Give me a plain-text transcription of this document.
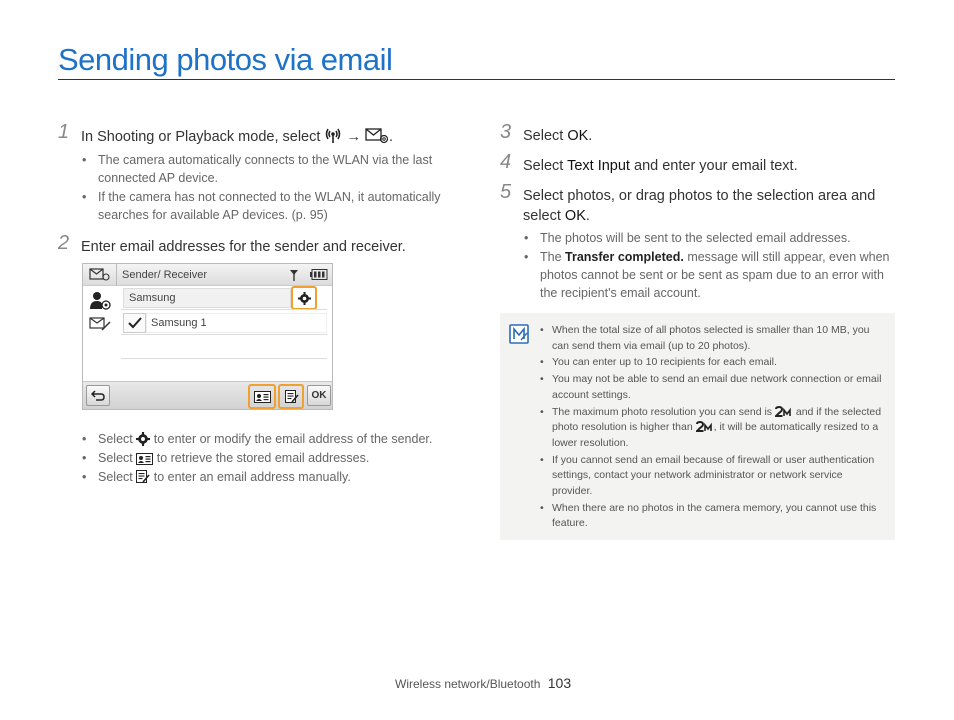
Sending photos via email
1 In Shooting or Playback mode, select → .
• The camera automatically connects to the WLAN via the last connected AP device.
• If the camera has not connected to the WLAN, it automatically searches for available AP devices. (p. 95)
2 Enter email addresses for the sender and receiver.
Sender/ Receiver
Samsung
Samsung 1
OK
• Select to enter or modify the email address of the sender.
• Select to retrieve the stored email addresses.
• Select to enter an email address manually.
3 Select OK.
4 Select Text Input and enter your email text.
5 Select photos, or drag photos to the selection area and select OK.
• The photos will be sent to the selected email addresses.
• The Transfer completed. message will still appear, even when photos cannot be sent or be sent as spam due to an error with the recipient's email account.
• When the total size of all photos selected is smaller than 10 MB, you can send them via email (up to 20 photos).
• You can enter up to 10 recipients for each email.
• You may not be able to send an email due network connection or email account settings.
• The maximum photo resolution you can send is and if the selected photo resolution is higher than , it will be automatically resized to a lower resolution.
• If you cannot send an email because of firewall or user authentication settings, contact your network administrator or network service provider.
• When there are no photos in the camera memory, you cannot use this feature.
Wireless network/Bluetooth 103
